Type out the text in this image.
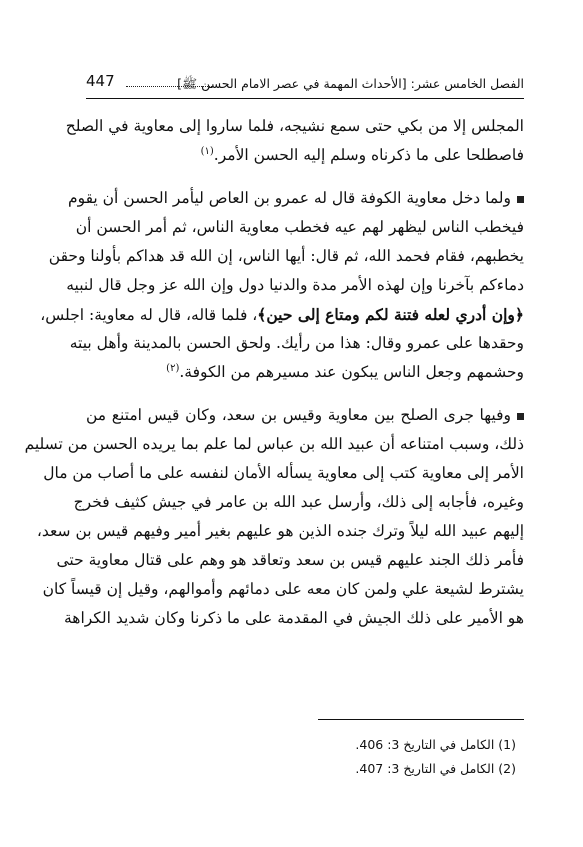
الفصل الخامس عشر: [الأحداث المهمة في عصر الامام الحسن ﷺ]
447
المجلس إلا من بكي حتى سمع نشيجه، فلما ساروا إلى معاوية في الصلح
فاصطلحا على ما ذكرناه وسلم إليه الحسن الأمر.$^{(١)}$
ولما دخل معاوية الكوفة قال له عمرو بن العاص ليأمر الحسن أن يقوم
فيخطب الناس ليظهر لهم عيه فخطب معاوية الناس، ثم أمر الحسن أن
يخطبهم، فقام فحمد الله، ثم قال: أيها الناس، إن الله قد هداكم بأولنا وحقن
دماءكم بآخرنا وإن لهذه الأمر مدة والدنيا دول وإن الله عز وجل قال لنبيه
﴿وإن أدري لعله فتنة لكم ومتاع إلى حين﴾، فلما قاله، قال له معاوية: اجلس،
وحقدها على عمرو وقال: هذا من رأيك. ولحق الحسن بالمدينة وأهل بيته
وحشمهم وجعل الناس يبكون عند مسيرهم من الكوفة.$^{(٢)}$
وفيها جرى الصلح بين معاوية وقيس بن سعد، وكان قيس امتنع من
ذلك، وسبب امتناعه أن عبيد الله بن عباس لما علم بما يريده الحسن من تسليم
الأمر إلى معاوية كتب إلى معاوية يسأله الأمان لنفسه على ما أصاب من مال
وغيره، فأجابه إلى ذلك، وأرسل عبد الله بن عامر في جيش كثيف فخرج
إليهم عبيد الله ليلاً وترك جنده الذين هو عليهم بغير أمير وفيهم قيس بن سعد،
فأمر ذلك الجند عليهم قيس بن سعد وتعاقد هو وهم على قتال معاوية حتى
يشترط لشيعة علي ولمن كان معه على دمائهم وأموالهم، وقيل إن قيساً كان
هو الأمير على ذلك الجيش في المقدمة على ما ذكرنا وكان شديد الكراهة
(1) الكامل في التاريخ 3: 406.
(2) الكامل في التاريخ 3: 407.
